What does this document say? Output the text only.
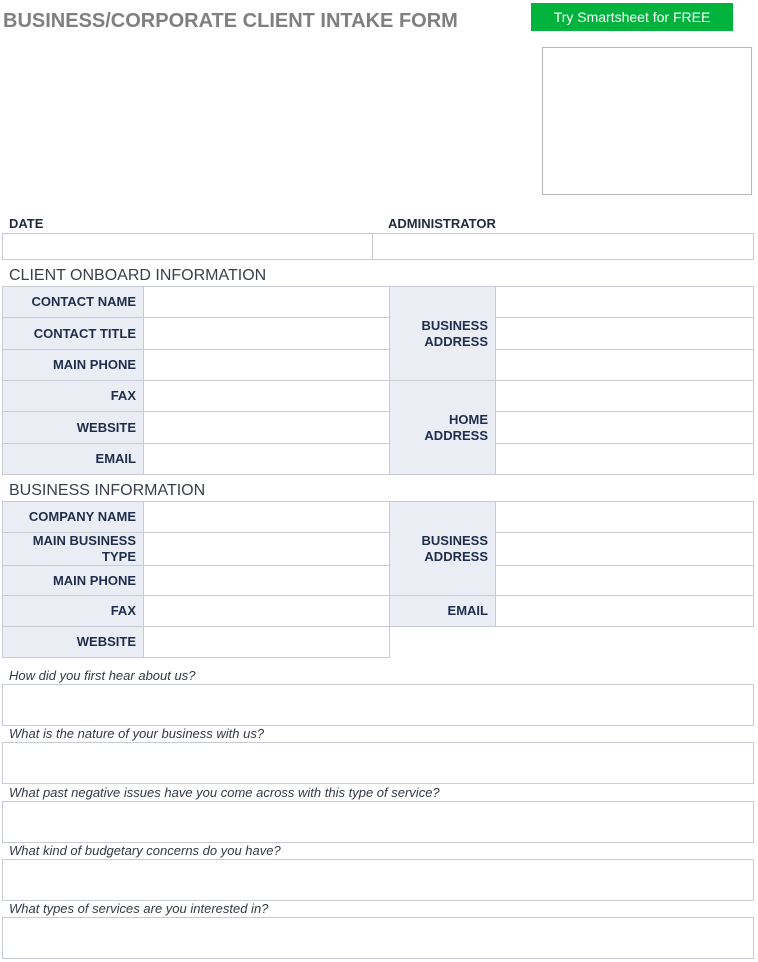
BUSINESS/CORPORATE CLIENT INTAKE FORM	Try Smartsheet for FREE
DATE	ADMINISTRATOR
CLIENT ONBOARD INFORMATION
CONTACT NAME
CONTACT TITLE
MAIN PHONE
FAX
WEBSITE
EMAIL
BUSINESS ADDRESS
HOME ADDRESS
BUSINESS INFORMATION
COMPANY NAME
MAIN BUSINESS TYPE
MAIN PHONE
FAX
WEBSITE
BUSINESS ADDRESS
EMAIL
How did you first hear about us?
What is the nature of your business with us?
What past negative issues have you come across with this type of service?
What kind of budgetary concerns do you have?
What types of services are you interested in?
